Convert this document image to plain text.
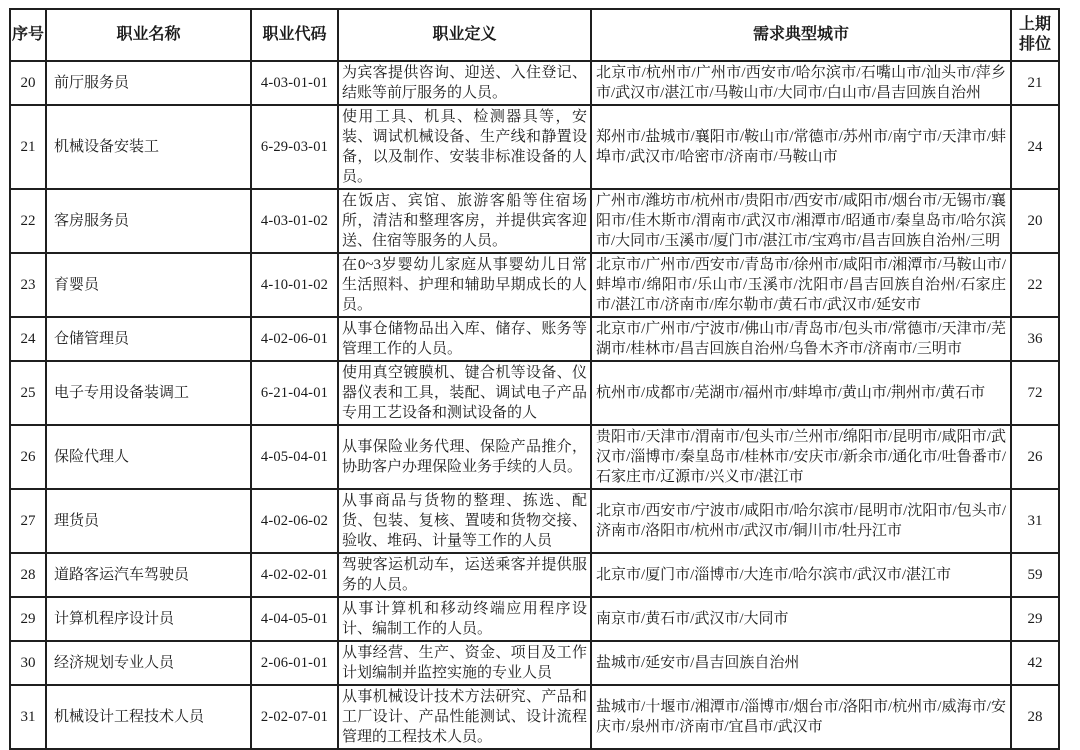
序号	职业名称	职业代码	职业定义	需求典型城市	上期排位
20	前厅服务员	4-03-01-01	为宾客提供咨询、迎送、入住登记、结账等前厅服务的人员。	北京市/杭州市/广州市/西安市/哈尔滨市/石嘴山市/汕头市/萍乡市/武汉市/湛江市/马鞍山市/大同市/白山市/昌吉回族自治州	21
21	机械设备安装工	6-29-03-01	使用工具、机具、检测器具等，安装、调试机械设备、生产线和静置设备，以及制作、安装非标准设备的人员。	郑州市/盐城市/襄阳市/鞍山市/常德市/苏州市/南宁市/天津市/蚌埠市/武汉市/哈密市/济南市/马鞍山市	24
22	客房服务员	4-03-01-02	在饭店、宾馆、旅游客船等住宿场所，清洁和整理客房，并提供宾客迎送、住宿等服务的人员。	广州市/潍坊市/杭州市/贵阳市/西安市/咸阳市/烟台市/无锡市/襄阳市/佳木斯市/渭南市/武汉市/湘潭市/昭通市/秦皇岛市/哈尔滨市/大同市/玉溪市/厦门市/湛江市/宝鸡市/昌吉回族自治州/三明	20
23	育婴员	4-10-01-02	在0~3岁婴幼儿家庭从事婴幼儿日常生活照料、护理和辅助早期成长的人员。	北京市/广州市/西安市/青岛市/徐州市/咸阳市/湘潭市/马鞍山市/蚌埠市/绵阳市/乐山市/玉溪市/沈阳市/昌吉回族自治州/石家庄市/湛江市/济南市/库尔勒市/黄石市/武汉市/延安市	22
24	仓储管理员	4-02-06-01	从事仓储物品出入库、储存、账务等管理工作的人员。	北京市/广州市/宁波市/佛山市/青岛市/包头市/常德市/天津市/芜湖市/桂林市/昌吉回族自治州/乌鲁木齐市/济南市/三明市	36
25	电子专用设备装调工	6-21-04-01	使用真空镀膜机、键合机等设备、仪器仪表和工具，装配、调试电子产品专用工艺设备和测试设备的人	杭州市/成都市/芜湖市/福州市/蚌埠市/黄山市/荆州市/黄石市	72
26	保险代理人	4-05-04-01	从事保险业务代理、保险产品推介，协助客户办理保险业务手续的人员。	贵阳市/天津市/渭南市/包头市/兰州市/绵阳市/昆明市/咸阳市/武汉市/淄博市/秦皇岛市/桂林市/安庆市/新余市/通化市/吐鲁番市/石家庄市/辽源市/兴义市/湛江市	26
27	理货员	4-02-06-02	从事商品与货物的整理、拣选、配货、包装、复核、置唛和货物交接、验收、堆码、计量等工作的人员	北京市/西安市/宁波市/咸阳市/哈尔滨市/昆明市/沈阳市/包头市/济南市/洛阳市/杭州市/武汉市/铜川市/牡丹江市	31
28	道路客运汽车驾驶员	4-02-02-01	驾驶客运机动车，运送乘客并提供服务的人员。	北京市/厦门市/淄博市/大连市/哈尔滨市/武汉市/湛江市	59
29	计算机程序设计员	4-04-05-01	从事计算机和移动终端应用程序设计、编制工作的人员。	南京市/黄石市/武汉市/大同市	29
30	经济规划专业人员	2-06-01-01	从事经营、生产、资金、项目及工作计划编制并监控实施的专业人员	盐城市/延安市/昌吉回族自治州	42
31	机械设计工程技术人员	2-02-07-01	从事机械设计技术方法研究、产品和工厂设计、产品性能测试、设计流程管理的工程技术人员。	盐城市/十堰市/湘潭市/淄博市/烟台市/洛阳市/杭州市/威海市/安庆市/泉州市/济南市/宜昌市/武汉市	28
